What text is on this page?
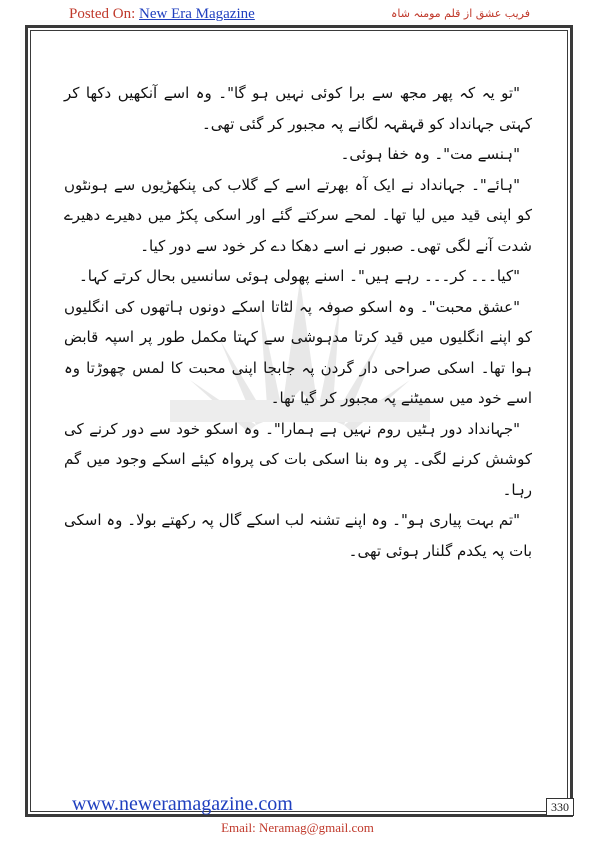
Posted On: New Era Magazine	فریب عشق از قلم مومنہ شاہ

"تو یہ کہ پھر مجھ سے برا کوئی نہیں ہو گا"۔ وہ اسے آنکھیں دکھا کر کہتی جہانداد کو قہقہہ لگانے پہ مجبور کر گئی تھی۔

"ہنسے مت"۔ وہ خفا ہوئی۔

"ہائے"۔ جہانداد نے ایک آہ بھرتے اسے کے گلاب کی پنکھڑیوں سے ہونٹوں کو اپنی قید میں لیا تھا۔ لمحے سرکتے گئے اور اسکی پکڑ میں دھیرے دھیرے شدت آنے لگی تھی۔ صبور نے اسے دھکا دے کر خود سے دور کیا۔

"کیا۔۔۔ کر۔۔۔ رہے ہیں"۔ اسنے پھولی ہوئی سانسیں بحال کرتے کہا۔

"عشق محبت"۔ وہ اسکو صوفہ پہ لٹاتا اسکے دونوں ہاتھوں کی انگلیوں کو اپنے انگلیوں میں قید کرتا مدہوشی سے کہتا مکمل طور پر اسپہ قابض ہوا تھا۔ اسکی صراحی دار گردن پہ جابجا اپنی محبت کا لمس چھوڑتا وہ اسے خود میں سمیٹنے پہ مجبور کر گیا تھا۔

"جہانداد دور ہٹیں روم نہیں ہے ہمارا"۔ وہ اسکو خود سے دور کرنے کی کوشش کرنے لگی۔ پر وہ بنا اسکی بات کی پرواہ کیئے اسکے وجود میں گم رہا۔

"تم بہت پیاری ہو"۔ وہ اپنے تشنہ لب اسکے گال پہ رکھتے بولا۔ وہ اسکی بات پہ یکدم گلنار ہوئی تھی۔

www.neweramagazine.com	330
Email: Neramag@gmail.com
